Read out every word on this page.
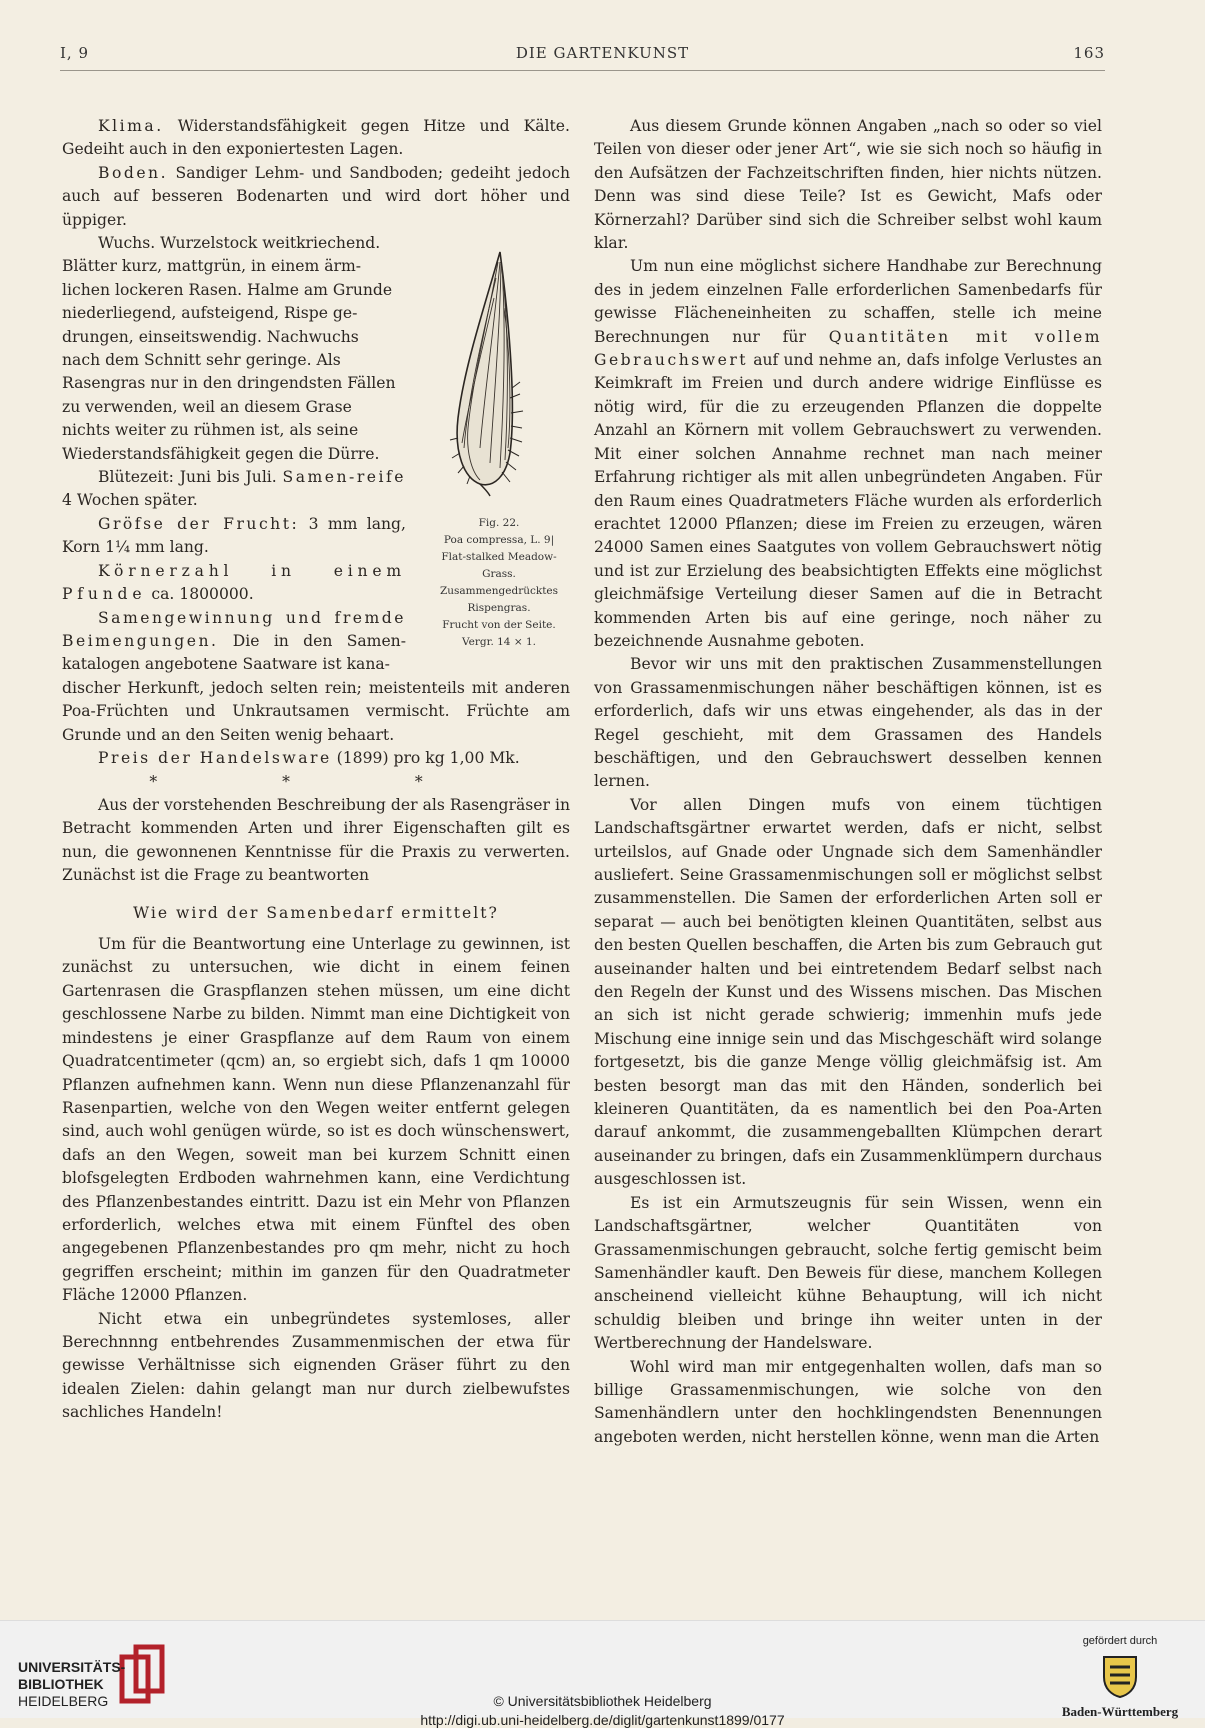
I, 9	DIE GARTENKUNST	163

Klima. Widerstandsfähigkeit gegen Hitze und Kälte. Gedeiht auch in den exponiertesten Lagen.

Boden. Sandiger Lehm- und Sandboden; gedeiht jedoch auch auf besseren Bodenarten und wird dort höher und üppiger.

Wuchs. Wurzelstock weitkriechend.

Blätter kurz, mattgrün, in einem ärm-

lichen lockeren Rasen. Halme am Grunde

niederliegend, aufsteigend, Rispe ge-

drungen, einseitswendig. Nachwuchs

nach dem Schnitt sehr geringe. Als

Rasengras nur in den dringendsten Fällen

zu verwenden, weil an diesem Grase

nichts weiter zu rühmen ist, als seine

Wiederstandsfähigkeit gegen die Dürre.

Blütezeit: Juni bis Juli. Samen-reife 4 Wochen später.

Gröfse der Frucht: 3 mm lang, Korn 1¼ mm lang.

Körnerzahl in einem Pfunde ca. 1800000.

Samengewinnung und fremde Beimengungen. Die in den Samen-katalogen angebotene Saatware ist kana-

discher Herkunft, jedoch selten rein; meistenteils mit anderen Poa-Früchten und Unkrautsamen vermischt. Früchte am Grunde und an den Seiten wenig behaart.

Preis der Handelsware (1899) pro kg 1,00 Mk.

* * *

Aus der vorstehenden Beschreibung der als Rasengräser in Betracht kommenden Arten und ihrer Eigenschaften gilt es nun, die gewonnenen Kenntnisse für die Praxis zu verwerten. Zunächst ist die Frage zu beantworten

Wie wird der Samenbedarf ermittelt?

Um für die Beantwortung eine Unterlage zu gewinnen, ist zunächst zu untersuchen, wie dicht in einem feinen Gartenrasen die Graspflanzen stehen müssen, um eine dicht geschlossene Narbe zu bilden. Nimmt man eine Dichtigkeit von mindestens je einer Graspflanze auf dem Raum von einem Quadratcentimeter (qcm) an, so ergiebt sich, dafs 1 qm 10000 Pflanzen aufnehmen kann. Wenn nun diese Pflanzenanzahl für Rasenpartien, welche von den Wegen weiter entfernt gelegen sind, auch wohl genügen würde, so ist es doch wünschenswert, dafs an den Wegen, soweit man bei kurzem Schnitt einen blofsgelegten Erdboden wahrnehmen kann, eine Verdichtung des Pflanzenbestandes eintritt. Dazu ist ein Mehr von Pflanzen erforderlich, welches etwa mit einem Fünftel des oben angegebenen Pflanzenbestandes pro qm mehr, nicht zu hoch gegriffen erscheint; mithin im ganzen für den Quadratmeter Fläche 12000 Pflanzen.

Nicht etwa ein unbegründetes systemloses, aller Berechnnng entbehrendes Zusammenmischen der etwa für gewisse Verhältnisse sich eignenden Gräser führt zu den idealen Zielen: dahin gelangt man nur durch zielbewufstes sachliches Handeln!

Fig. 22.
Poa compressa, L. 9|
Flat-stalked Meadow-
Grass.
Zusammengedrücktes
Rispengras.
Frucht von der Seite.
Vergr. 14 × 1.

Aus diesem Grunde können Angaben „nach so oder so viel Teilen von dieser oder jener Art“, wie sie sich noch so häufig in den Aufsätzen der Fachzeitschriften finden, hier nichts nützen. Denn was sind diese Teile? Ist es Gewicht, Mafs oder Körnerzahl? Darüber sind sich die Schreiber selbst wohl kaum klar.

Um nun eine möglichst sichere Handhabe zur Berechnung des in jedem einzelnen Falle erforderlichen Samenbedarfs für gewisse Flächeneinheiten zu schaffen, stelle ich meine Berechnungen nur für Quantitäten mit vollem Gebrauchswert auf und nehme an, dafs infolge Verlustes an Keimkraft im Freien und durch andere widrige Einflüsse es nötig wird, für die zu erzeugenden Pflanzen die doppelte Anzahl an Körnern mit vollem Gebrauchswert zu verwenden. Mit einer solchen Annahme rechnet man nach meiner Erfahrung richtiger als mit allen unbegründeten Angaben. Für den Raum eines Quadratmeters Fläche wurden als erforderlich erachtet 12000 Pflanzen; diese im Freien zu erzeugen, wären 24000 Samen eines Saatgutes von vollem Gebrauchswert nötig und ist zur Erzielung des beabsichtigten Effekts eine möglichst gleichmäfsige Verteilung dieser Samen auf die in Betracht kommenden Arten bis auf eine geringe, noch näher zu bezeichnende Ausnahme geboten.

Bevor wir uns mit den praktischen Zusammenstellungen von Grassamenmischungen näher beschäftigen können, ist es erforderlich, dafs wir uns etwas eingehender, als das in der Regel geschieht, mit dem Grassamen des Handels beschäftigen, und den Gebrauchswert desselben kennen lernen.

Vor allen Dingen mufs von einem tüchtigen Landschaftsgärtner erwartet werden, dafs er nicht, selbst urteilslos, auf Gnade oder Ungnade sich dem Samenhändler ausliefert. Seine Grassamenmischungen soll er möglichst selbst zusammenstellen. Die Samen der erforderlichen Arten soll er separat — auch bei benötigten kleinen Quantitäten, selbst aus den besten Quellen beschaffen, die Arten bis zum Gebrauch gut auseinander halten und bei eintretendem Bedarf selbst nach den Regeln der Kunst und des Wissens mischen. Das Mischen an sich ist nicht gerade schwierig; immenhin mufs jede Mischung eine innige sein und das Mischgeschäft wird solange fortgesetzt, bis die ganze Menge völlig gleichmäfsig ist. Am besten besorgt man das mit den Händen, sonderlich bei kleineren Quantitäten, da es namentlich bei den Poa-Arten darauf ankommt, die zusammengeballten Klümpchen derart auseinander zu bringen, dafs ein Zusammenklümpern durchaus ausgeschlossen ist.

Es ist ein Armutszeugnis für sein Wissen, wenn ein Landschaftsgärtner, welcher Quantitäten von Grassamenmischungen gebraucht, solche fertig gemischt beim Samenhändler kauft. Den Beweis für diese, manchem Kollegen anscheinend vielleicht kühne Behauptung, will ich nicht schuldig bleiben und bringe ihn weiter unten in der Wertberechnung der Handelsware.

Wohl wird man mir entgegenhalten wollen, dafs man so billige Grassamenmischungen, wie solche von den Samenhändlern unter den hochklingendsten Benennungen angeboten werden, nicht herstellen könne, wenn man die Arten

UNIVERSITÄTS-
BIBLIOTHEK
HEIDELBERG	© Universitätsbibliothek Heidelberg
http://digi.ub.uni-heidelberg.de/diglit/gartenkunst1899/0177
gefördert durch
Baden-Württemberg
